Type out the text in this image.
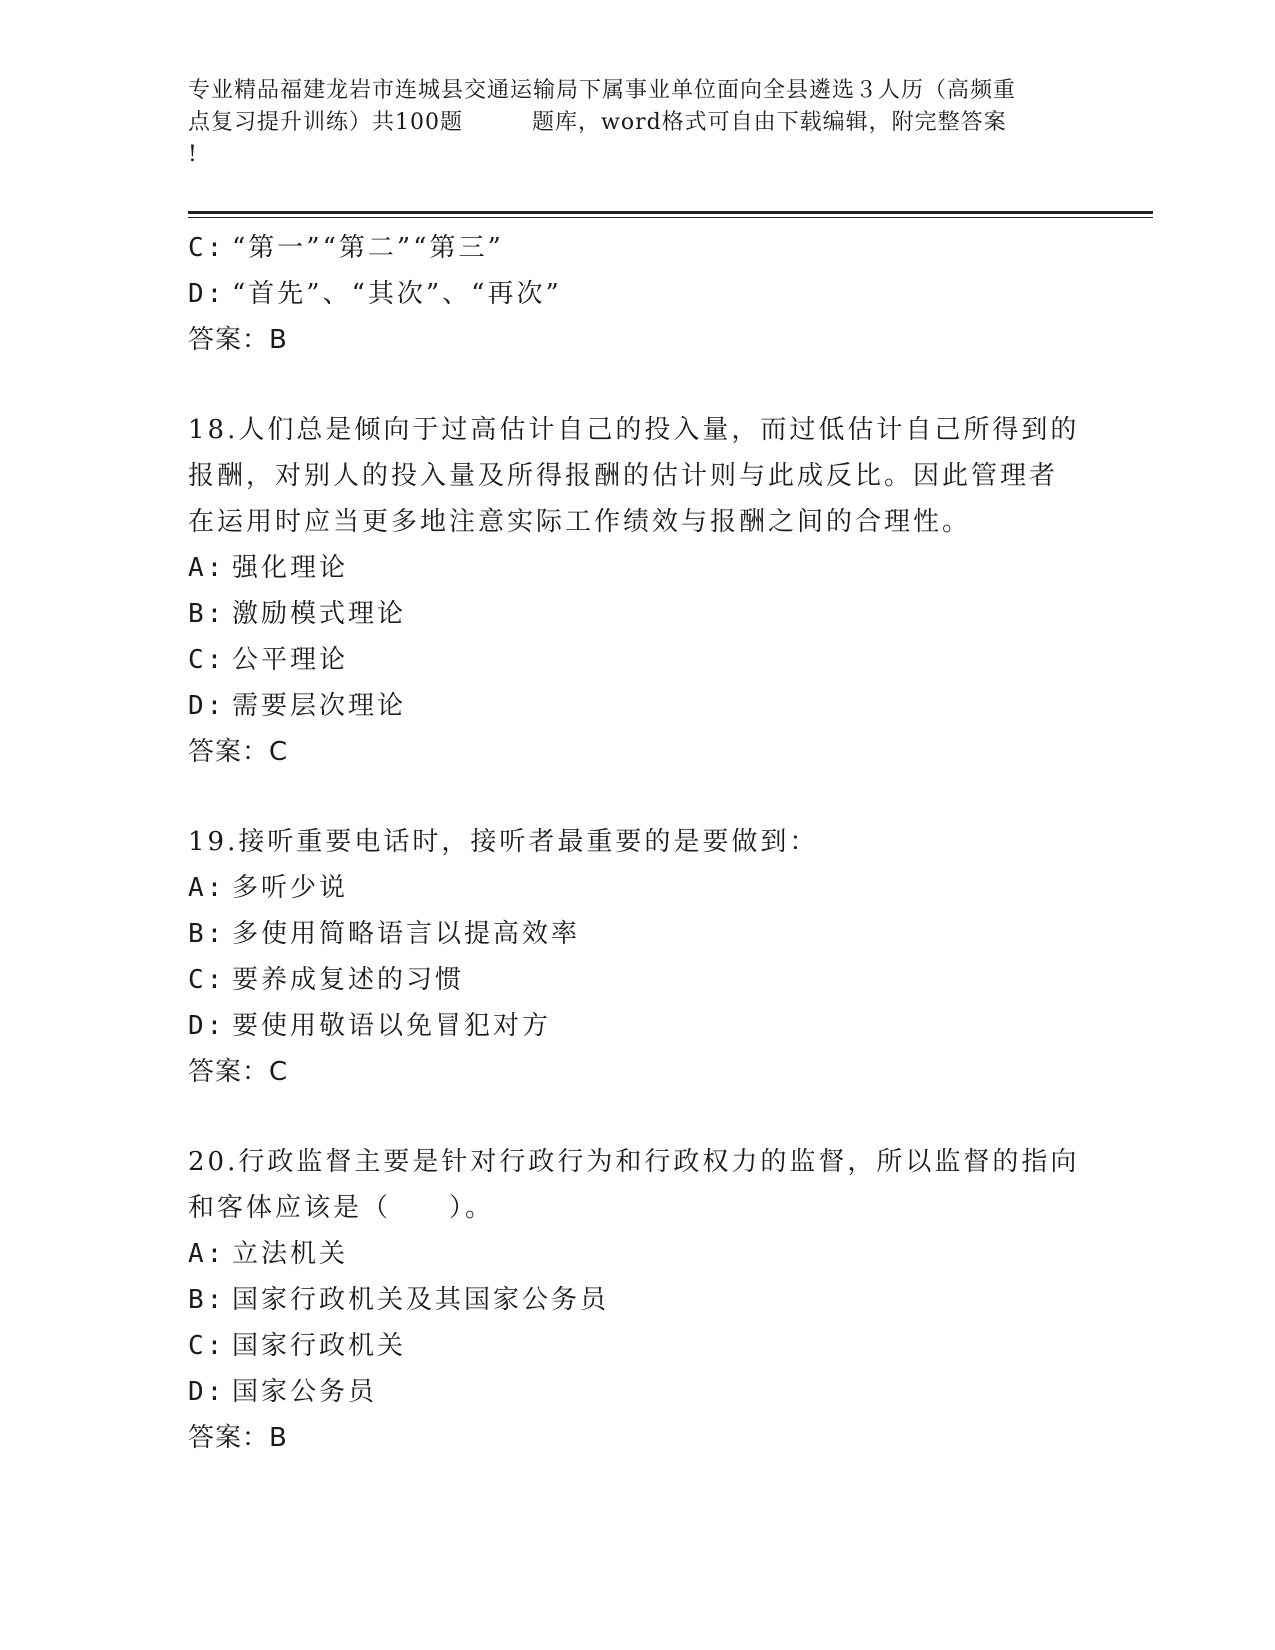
专业精品福建龙岩市连城县交通运输局下属事业单位面向全县遴选３人历（高频重
点复习提升训练）共100题　　　题库，word格式可自由下载编辑，附完整答案
!
C: “第一”“第二”“第三”
D: “首先”、“其次”、“再次”
答案：B
18.人们总是倾向于过高估计自己的投入量，而过低估计自己所得到的
报酬，对别人的投入量及所得报酬的估计则与此成反比。因此管理者
在运用时应当更多地注意实际工作绩效与报酬之间的合理性。
A: 强化理论
B: 激励模式理论
C: 公平理论
D: 需要层次理论
答案：C
19.接听重要电话时，接听者最重要的是要做到：
A: 多听少说
B: 多使用简略语言以提高效率
C: 要养成复述的习惯
D: 要使用敬语以免冒犯对方
答案：C
20.行政监督主要是针对行政行为和行政权力的监督，所以监督的指向
和客体应该是（　　）。
A: 立法机关
B: 国家行政机关及其国家公务员
C: 国家行政机关
D: 国家公务员
答案：B
